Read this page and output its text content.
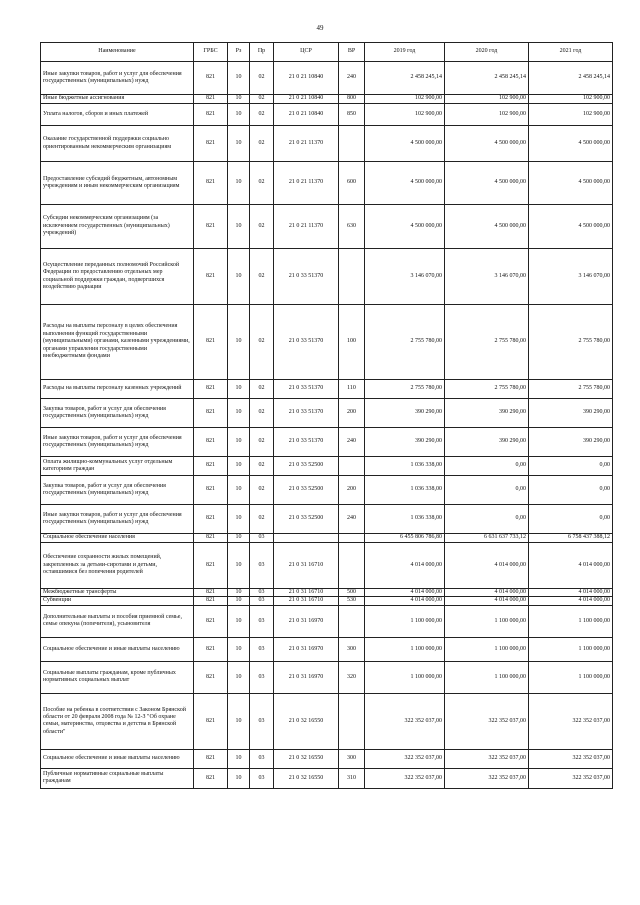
49
Наименование	ГРБС	Рз	Пр	ЦСР	ВР	2019 год	2020 год	2021 год
Иные закупки товаров, работ и услуг для обеспечения государственных (муниципальных) нужд	821	10	02	21 0 21 10840	240	2 458 245,14	2 458 245,14	2 458 245,14
Иные бюджетные ассигнования	821	10	02	21 0 21 10840	800	102 900,00	102 900,00	102 900,00
Уплата налогов, сборов и иных платежей	821	10	02	21 0 21 10840	850	102 900,00	102 900,00	102 900,00
Оказание государственной поддержки социально ориентированным некоммерческим организациям	821	10	02	21 0 21 11370		4 500 000,00	4 500 000,00	4 500 000,00
Предоставление субсидий бюджетным, автономным учреждениям и иным некоммерческим организациям	821	10	02	21 0 21 11370	600	4 500 000,00	4 500 000,00	4 500 000,00
Субсидии некоммерческим организациям (за исключением государственных (муниципальных) учреждений)	821	10	02	21 0 21 11370	630	4 500 000,00	4 500 000,00	4 500 000,00
Осуществление переданных полномочий Российской Федерации по предоставлению отдельных мер социальной поддержки граждан, подвергшихся воздействию радиации	821	10	02	21 0 33 51370		3 146 070,00	3 146 070,00	3 146 070,00
Расходы на выплаты персоналу в целях обеспечения выполнения функций государственными (муниципальными) органами, казенными учреждениями, органами управления государственными внебюджетными фондами	821	10	02	21 0 33 51370	100	2 755 780,00	2 755 780,00	2 755 780,00
Расходы на выплаты персоналу казенных учреждений	821	10	02	21 0 33 51370	110	2 755 780,00	2 755 780,00	2 755 780,00
Закупка товаров, работ и услуг для обеспечения государственных (муниципальных) нужд	821	10	02	21 0 33 51370	200	390 290,00	390 290,00	390 290,00
Иные закупки товаров, работ и услуг для обеспечения государственных (муниципальных) нужд	821	10	02	21 0 33 51370	240	390 290,00	390 290,00	390 290,00
Оплата жилищно-коммунальных услуг отдельным категориям граждан	821	10	02	21 0 33 52500		1 036 338,00	0,00	0,00
Закупка товаров, работ и услуг для обеспечения государственных (муниципальных) нужд	821	10	02	21 0 33 52500	200	1 036 338,00	0,00	0,00
Иные закупки товаров, работ и услуг для обеспечения государственных (муниципальных) нужд	821	10	02	21 0 33 52500	240	1 036 338,00	0,00	0,00
Социальное обеспечение населения	821	10	03			6 455 806 786,80	6 631 637 733,12	6 758 437 388,12
Обеспечение сохранности жилых помещений, закрепленных за детьми-сиротами и детьми, оставшимися без попечения родителей	821	10	03	21 0 31 16710		4 014 000,00	4 014 000,00	4 014 000,00
Межбюджетные трансферты	821	10	03	21 0 31 16710	500	4 014 000,00	4 014 000,00	4 014 000,00
Субвенции	821	10	03	21 0 31 16710	530	4 014 000,00	4 014 000,00	4 014 000,00
Дополнительные выплаты и пособия приемной семье, семье опекуна (попечителя), усыновителя	821	10	03	21 0 31 16970		1 100 000,00	1 100 000,00	1 100 000,00
Социальное обеспечение и иные выплаты населению	821	10	03	21 0 31 16970	300	1 100 000,00	1 100 000,00	1 100 000,00
Социальные выплаты гражданам, кроме публичных нормативных социальных выплат	821	10	03	21 0 31 16970	320	1 100 000,00	1 100 000,00	1 100 000,00
Пособие на ребенка в соответствии с Законом Брянской области от 20 февраля 2008 года № 12-З "Об охране семьи, материнства, отцовства и детства в Брянской области"	821	10	03	21 0 32 16550		322 352 037,00	322 352 037,00	322 352 037,00
Социальное обеспечение и иные выплаты населению	821	10	03	21 0 32 16550	300	322 352 037,00	322 352 037,00	322 352 037,00
Публичные нормативные социальные выплаты гражданам	821	10	03	21 0 32 16550	310	322 352 037,00	322 352 037,00	322 352 037,00
